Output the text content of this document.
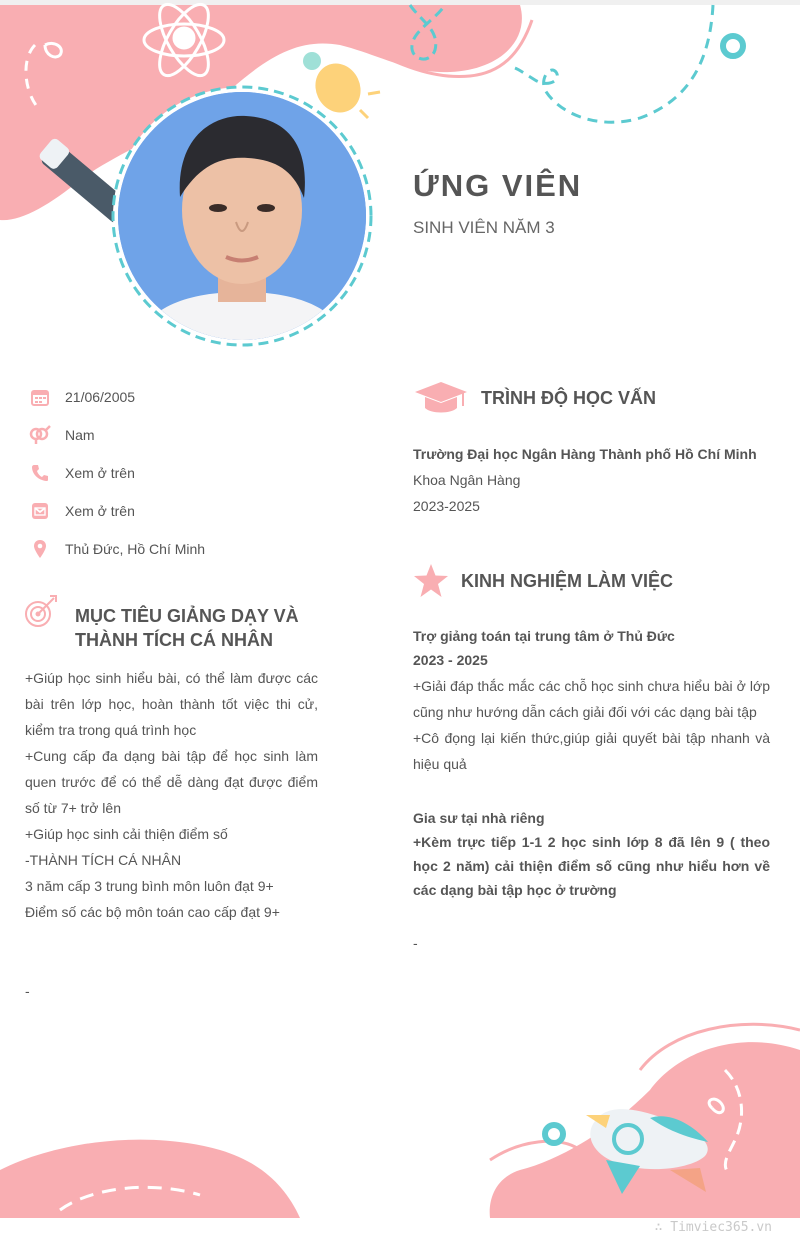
ỨNG VIÊN
SINH VIÊN NĂM 3
21/06/2005
Nam
Xem ở trên
Xem ở trên
Thủ Đức, Hồ Chí Minh
MỤC TIÊU GIẢNG DẠY VÀ
THÀNH TÍCH CÁ NHÂN

+Giúp học sinh hiểu bài, có thể làm được các bài trên lớp học, hoàn thành tốt việc thi cử, kiểm tra trong quá trình học

+Cung cấp đa dạng bài tập để học sinh làm quen trước để có thể dễ dàng đạt được điểm số từ 7+ trở lên

+Giúp học sinh cải thiện điểm số

-THÀNH TÍCH CÁ NHÂN

3 năm cấp 3 trung bình môn luôn đạt 9+

Điểm số các bộ môn toán cao cấp đạt 9+

-
TRÌNH ĐỘ HỌC VẤN
Trường Đại học Ngân Hàng Thành phố Hồ Chí Minh
Khoa Ngân Hàng
2023-2025
KINH NGHIỆM LÀM VIỆC
Trợ giảng toán tại trung tâm ở Thủ Đức
2023 - 2025

+Giải đáp thắc mắc các chỗ học sinh chưa hiểu bài ở lớp cũng như hướng dẫn cách giải đối với các dạng bài tập

+Cô đọng lại kiến thức,giúp giải quyết bài tập nhanh và hiệu quả

Gia sư tại nhà riêng

+Kèm trực tiếp 1-1 2 học sinh lớp 8 đã lên 9 ( theo học 2 năm) cải thiện điểm số cũng như hiểu hơn về các dạng bài tập học ở trường

-
∴ Timviec365.vn
